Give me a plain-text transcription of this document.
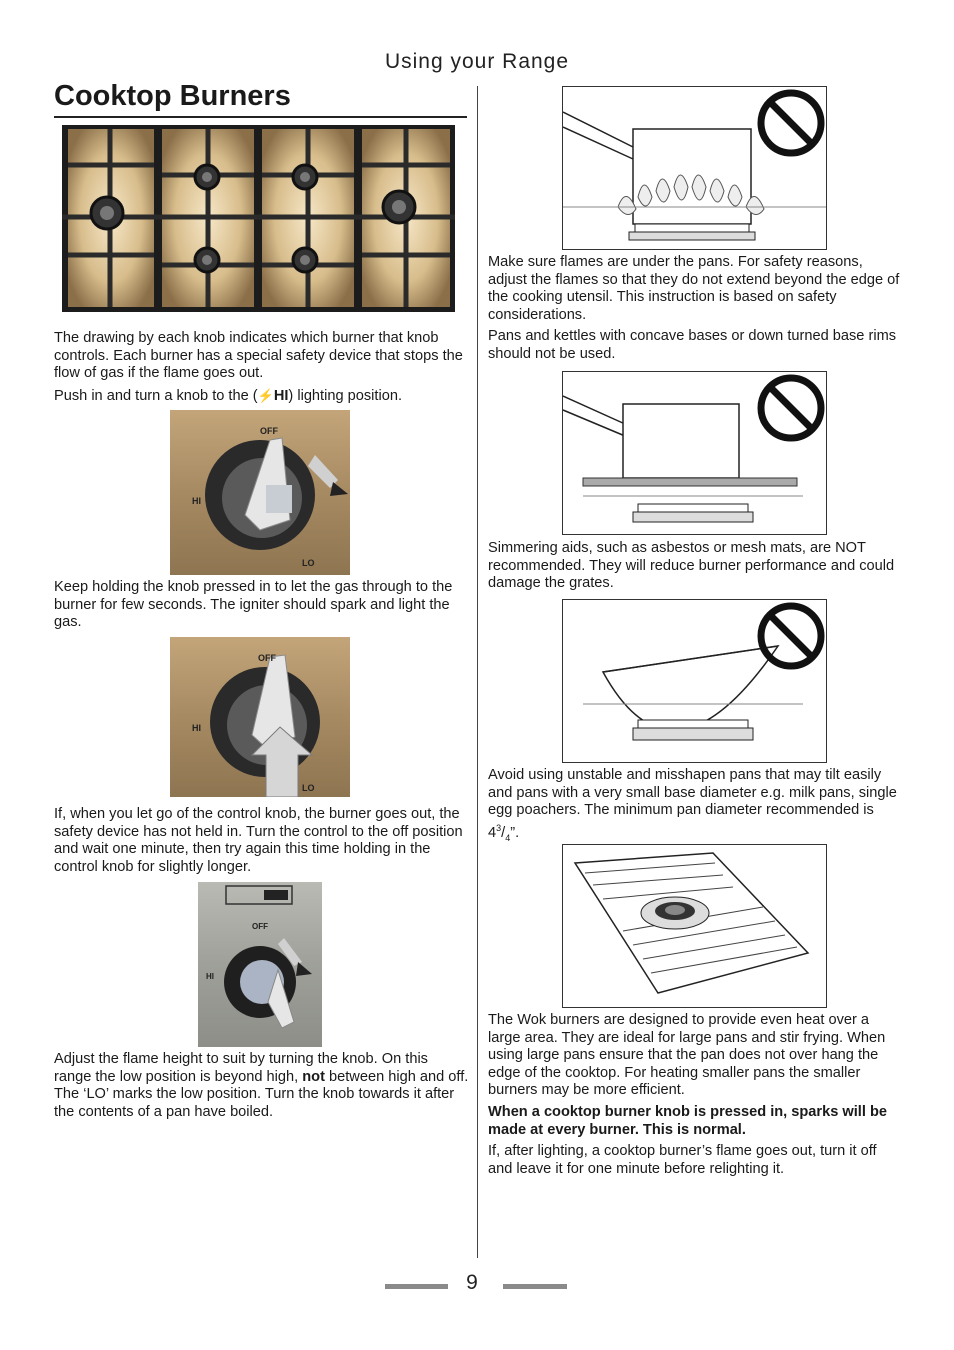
Using your Range
Cooktop Burners

The drawing by each knob indicates which burner that knob controls. Each burner has a special safety device that stops the flow of gas if the flame goes out.

Push in and turn a knob to the (⚡HI) lighting position.

OFF
HI
LO

Keep holding the knob pressed in to let the gas through to the burner for few seconds. The igniter should spark and light the gas.

OFF
HI
LO

If, when you let go of the control knob, the burner goes out, the safety device has not held in. Turn the control to the off position and wait one minute, then try again this time holding in the control knob for slightly longer.

OFF
HI

Adjust the flame height to suit by turning the knob. On this range the low position is beyond high, not between high and off. The ‘LO’ marks the low position. Turn the knob towards it after the contents of a pan have boiled.

Make sure flames are under the pans. For safety reasons, adjust the flames so that they do not extend beyond the edge of the cooking utensil. This instruction is based on safety considerations.

Pans and kettles with concave bases or down turned base rims should not be used.

Simmering aids, such as asbestos or mesh mats, are NOT recommended. They will reduce burner performance and could damage the grates.

Avoid using unstable and misshapen pans that may tilt easily and pans with a very small base diameter e.g. milk pans, single egg poachers. The minimum pan diameter recommended is $4^3/_4$”.

The Wok burners are designed to provide even heat over a large area. They are ideal for large pans and stir frying. When using large pans ensure that the pan does not over hang the edge of the cooktop. For heating smaller pans the smaller burners may be more efficient.

When a cooktop burner knob is pressed in, sparks will be made at every burner. This is normal.

If, after lighting, a cooktop burner’s flame goes out, turn it off and leave it for one minute before relighting it.

9
